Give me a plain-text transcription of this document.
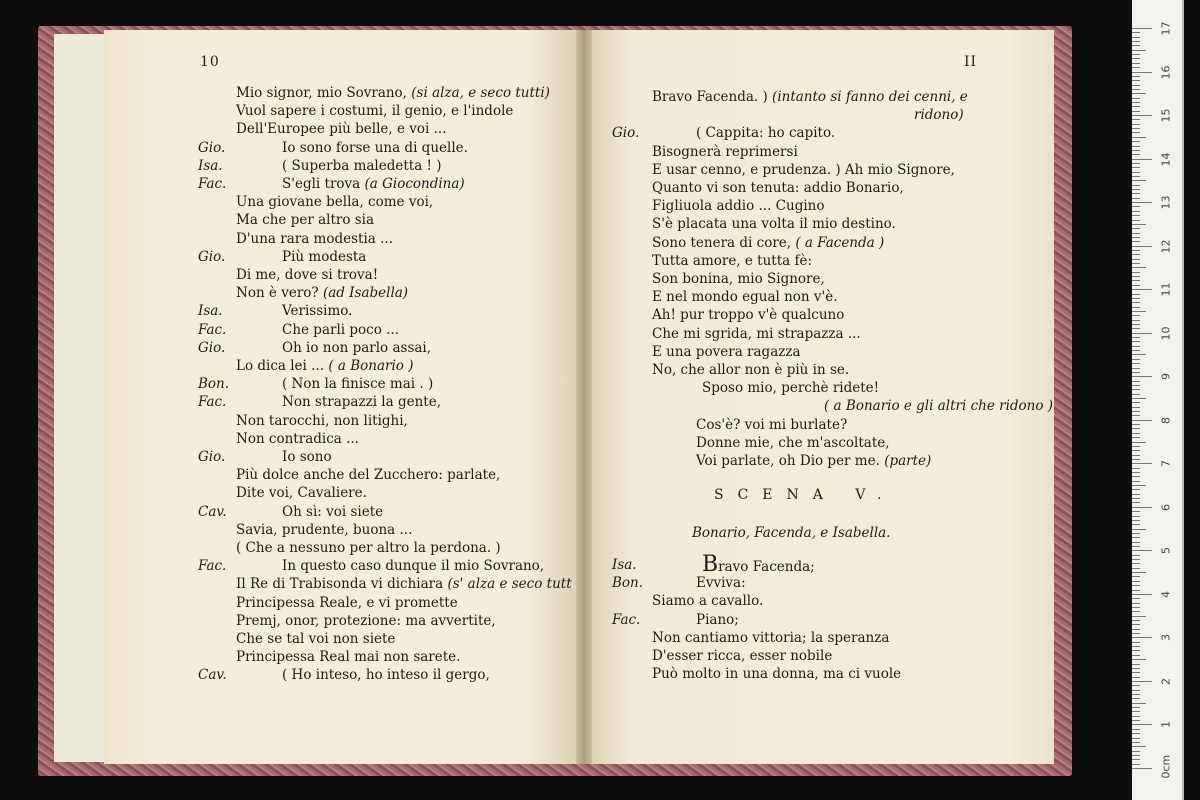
10
Mio signor, mio Sovrano, (si alza, e seco tutti)
Vuol sapere i costumi, il genio, e l'indole
Dell'Europee più belle, e voi ...
Gio.	Io sono forse una di quelle.
Isa.	( Superba maledetta ! )
Fac.	S'egli trova (a Giocondina)
Una giovane bella, come voi,
Ma che per altro sia
D'una rara modestia ...
Gio.	Più modesta
Di me, dove si trova!
Non è vero? (ad Isabella)
Isa.	Verissimo.
Fac.	Che parli poco ...
Gio.	Oh io non parlo assai,
Lo dica lei ... ( a Bonario )
Bon.	( Non la finisce mai . )
Fac.	Non strapazzi la gente,
Non tarocchi, non litighi,
Non contradica ...
Gio.	Io sono
Più dolce anche del Zucchero: parlate,
Dite voi, Cavaliere.
Cav.	Oh sì: voi siete
Savia, prudente, buona ...
( Che a nessuno per altro la perdona. )
Fac.	In questo caso dunque il mio Sovrano,
Il Re di Trabisonda vi dichiara (s' alza e seco tutt
Principessa Reale, e vi promette
Premj, onor, protezione: ma avvertite,
Che se tal voi non siete
Principessa Real mai non sarete.
Cav.	( Ho inteso, ho inteso il gergo,
II
Bravo Facenda. ) (intanto si fanno dei cenni, e
ridono)
Gio.	( Cappita: ho capito.
Bisognerà reprimersi
E usar cenno, e prudenza. ) Ah mio Signore,
Quanto vi son tenuta: addio Bonario,
Figliuola addio ... Cugino
S'è placata una volta il mio destino.
Sono tenera di core, ( a Facenda )
Tutta amore, e tutta fè:
Son bonina, mio Signore,
E nel mondo egual non v'è.
Ah! pur troppo v'è qualcuno
Che mi sgrida, mi strapazza ...
E una povera ragazza
No, che allor non è più in se.
Sposo mio, perchè ridete!
( a Bonario e gli altri che ridono )
Cos'è? voi mi burlate?
Donne mie, che m'ascoltate,
Voi parlate, oh Dio per me. (parte)
SCENA V.
Bonario, Facenda, e Isabella.
Isa.	Bravo Facenda;
Bon.	Evviva:
Siamo a cavallo.
Fac.	Piano;
Non cantiamo vittoria; la speranza
D'esser ricca, esser nobile
Può molto in una donna, ma ci vuole
17
16
15
14
13
12
11
10
9
8
7
6
5
4
3
2
1
0cm
